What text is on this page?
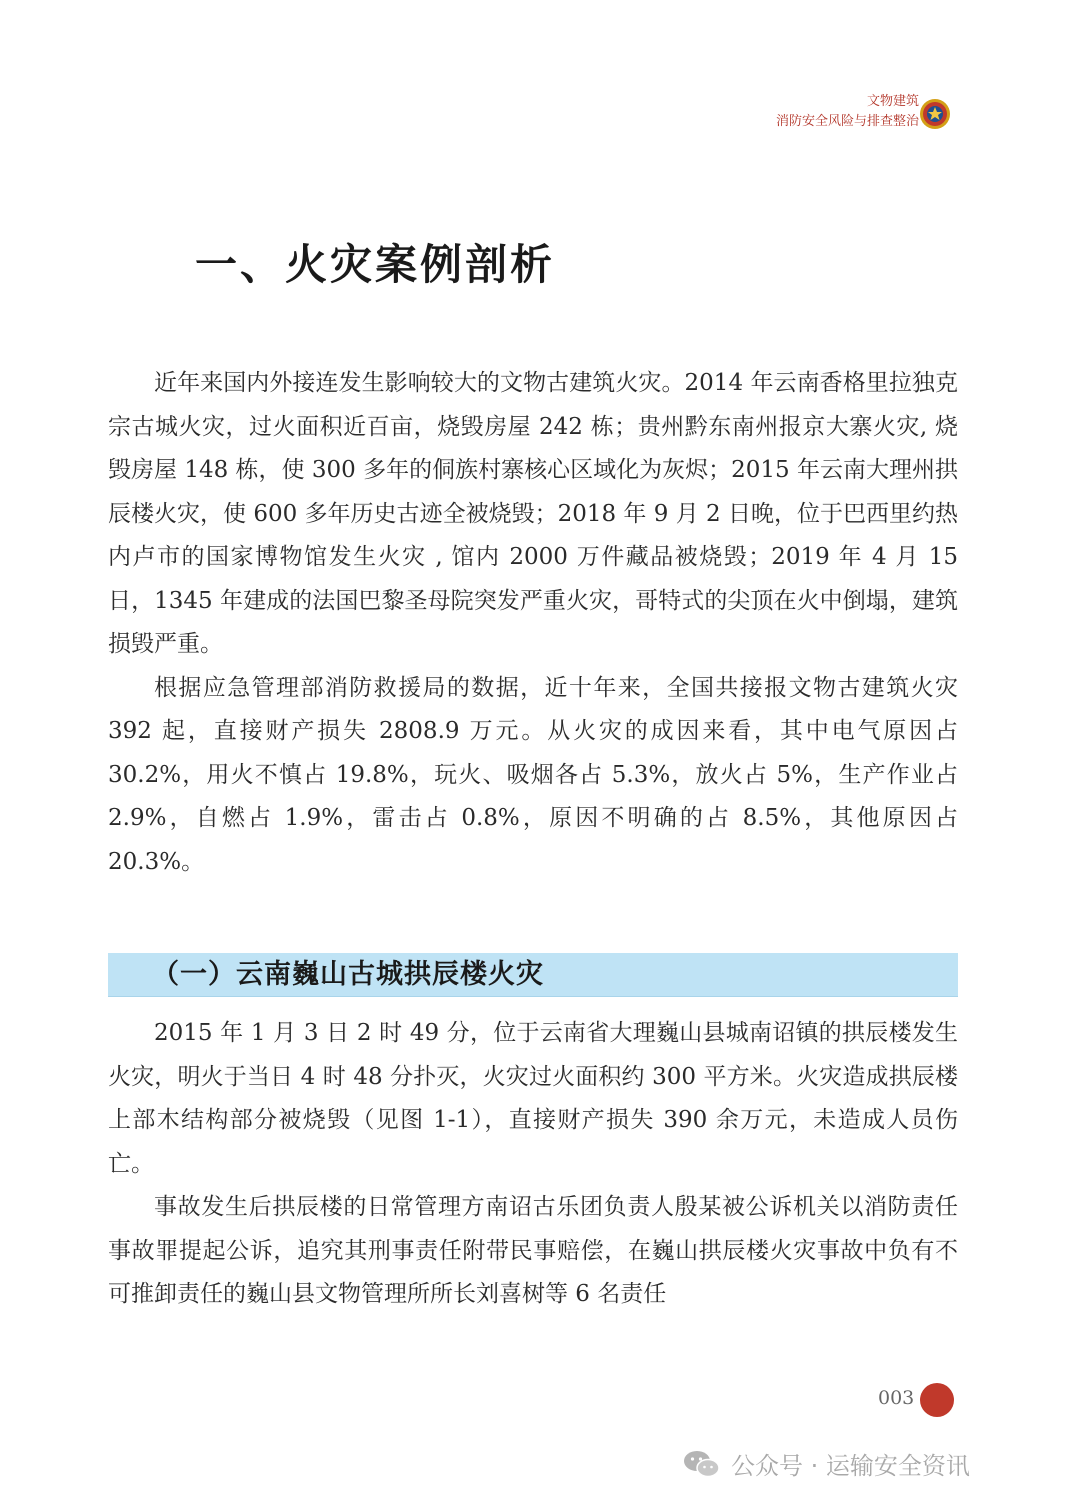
文物建筑
消防安全风险与排查整治
一、火灾案例剖析

近年来国内外接连发生影响较大的文物古建筑火灾。2014 年云南香格里拉独克宗古城火灾，过火面积近百亩，烧毁房屋 242 栋；贵州黔东南州报京大寨火灾, 烧毁房屋 148 栋，使 300 多年的侗族村寨核心区域化为灰烬；2015 年云南大理州拱辰楼火灾，使 600 多年历史古迹全被烧毁；2018 年 9 月 2 日晚，位于巴西里约热内卢市的国家博物馆发生火灾 , 馆内 2000 万件藏品被烧毁；2019 年 4 月 15 日，1345 年建成的法国巴黎圣母院突发严重火灾，哥特式的尖顶在火中倒塌，建筑损毁严重。

根据应急管理部消防救援局的数据，近十年来，全国共接报文物古建筑火灾 392 起，直接财产损失 2808.9 万元。从火灾的成因来看，其中电气原因占 30.2%，用火不慎占 19.8%，玩火、吸烟各占 5.3%，放火占 5%，生产作业占 2.9%，自燃占 1.9%，雷击占 0.8%，原因不明确的占 8.5%，其他原因占 20.3%。

（一）云南巍山古城拱辰楼火灾

2015 年 1 月 3 日 2 时 49 分，位于云南省大理巍山县城南诏镇的拱辰楼发生火灾，明火于当日 4 时 48 分扑灭，火灾过火面积约 300 平方米。火灾造成拱辰楼上部木结构部分被烧毁（见图 1-1），直接财产损失 390 余万元，未造成人员伤亡。

事故发生后拱辰楼的日常管理方南诏古乐团负责人殷某被公诉机关以消防责任事故罪提起公诉，追究其刑事责任附带民事赔偿，在巍山拱辰楼火灾事故中负有不可推卸责任的巍山县文物管理所所长刘喜树等 6 名责任

003
公众号 · 运输安全资讯
